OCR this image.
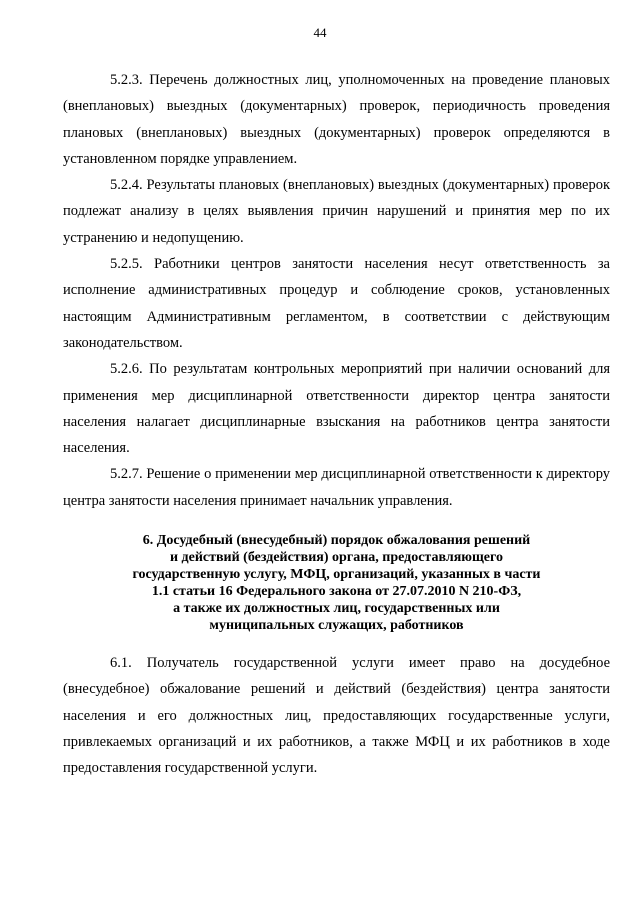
44

5.2.3. Перечень должностных лиц, уполномоченных на проведение плановых (внеплановых) выездных (документарных) проверок, периодичность проведения плановых (внеплановых) выездных (документарных) проверок определяются в установленном порядке управлением.

5.2.4. Результаты плановых (внеплановых) выездных (документарных) проверок подлежат анализу в целях выявления причин нарушений и принятия мер по их устранению и недопущению.

5.2.5. Работники центров занятости населения несут ответственность за исполнение административных процедур и соблюдение сроков, установленных настоящим Административным регламентом, в соответствии с действующим законодательством.

5.2.6. По результатам контрольных мероприятий при наличии оснований для применения мер дисциплинарной ответственности директор центра занятости населения налагает дисциплинарные взыскания на работников центра занятости населения.

5.2.7. Решение о применении мер дисциплинарной ответственности к директору центра занятости населения принимает начальник управления.

6. Досудебный (внесудебный) порядок обжалования решений
и действий (бездействия) органа, предоставляющего
государственную услугу, МФЦ, организаций, указанных в части
1.1 статьи 16 Федерального закона от 27.07.2010 N 210-ФЗ,
а также их должностных лиц, государственных или
муниципальных служащих, работников

6.1. Получатель государственной услуги имеет право на досудебное (внесудебное) обжалование решений и действий (бездействия) центра занятости населения и его должностных лиц, предоставляющих государственные услуги, привлекаемых организаций и их работников, а также МФЦ и их работников в ходе предоставления государственной услуги.
